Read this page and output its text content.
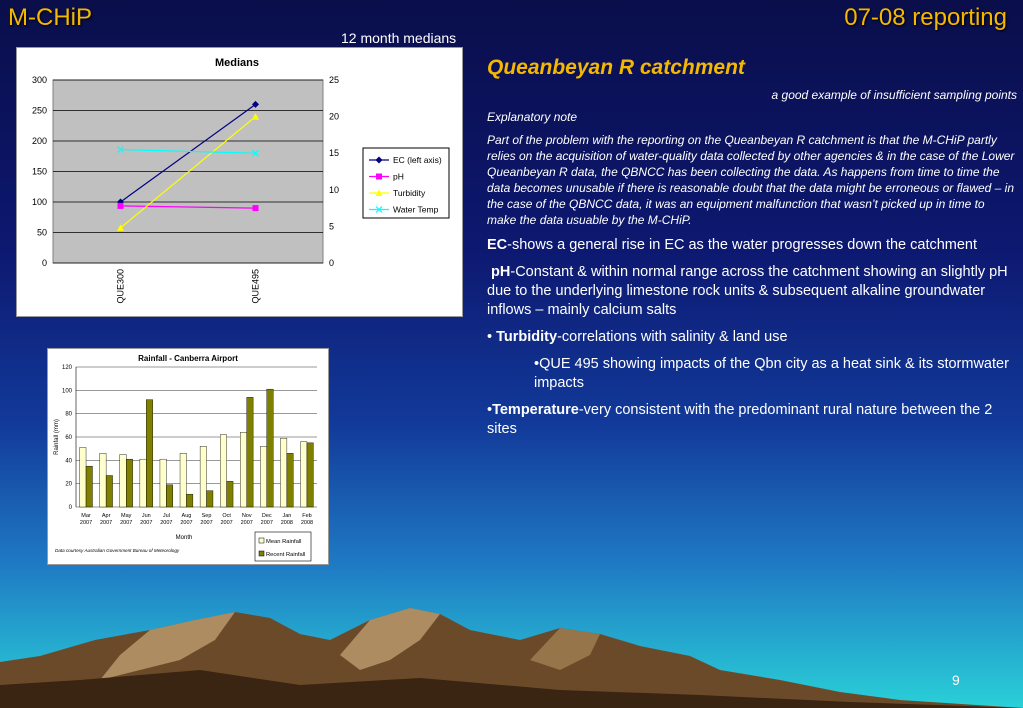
M-CHiP	07-08 reporting
12 month medians
Medians
0
50
100
150
200
250
300
0
5
10
15
20
25
QUE300	QUE495
EC (left axis)
pH
Turbidity
Water Temp
Rainfall - Canberra Airport
Rainfall (mm)
Data courtesy Australian Government Bureau of Meteorology
Month
0
20
40
60
80
100
120
Mar
2007
Apr
2007
May
2007
Jun
2007
Jul
2007
Aug
2007
Sep
2007
Oct
2007
Nov
2007
Dec
2007
Jan
2008
Feb
2008
Mean Rainfall
Recent Rainfall
Queanbeyan R catchment
a good example of insufficient sampling points
Explanatory note
Part of the problem with the reporting on the Queanbeyan R catchment is that the M-CHiP partly relies on the acquisition of water-quality data collected by other agencies & in the case of the Lower Queanbeyan R data, the QBNCC has been collecting the data. As happens from time to time the data becomes unusable if there is reasonable doubt that the data might be erroneous or flawed – in the case of the QBNCC data, it was an equipment malfunction that wasn’t picked up in time to make the data usuable by the M-CHiP.
EC-shows a general rise in EC as the water progresses down the catchment
pH-Constant & within normal range across the catchment showing an slightly pH due to the underlying limestone rock units & subsequent alkaline groundwater inflows – mainly calcium salts
• Turbidity-correlations with salinity & land use
•QUE 495 showing impacts of the Qbn city as a heat sink & its stormwater impacts
•Temperature-very consistent with the predominant rural nature between the 2 sites
9
